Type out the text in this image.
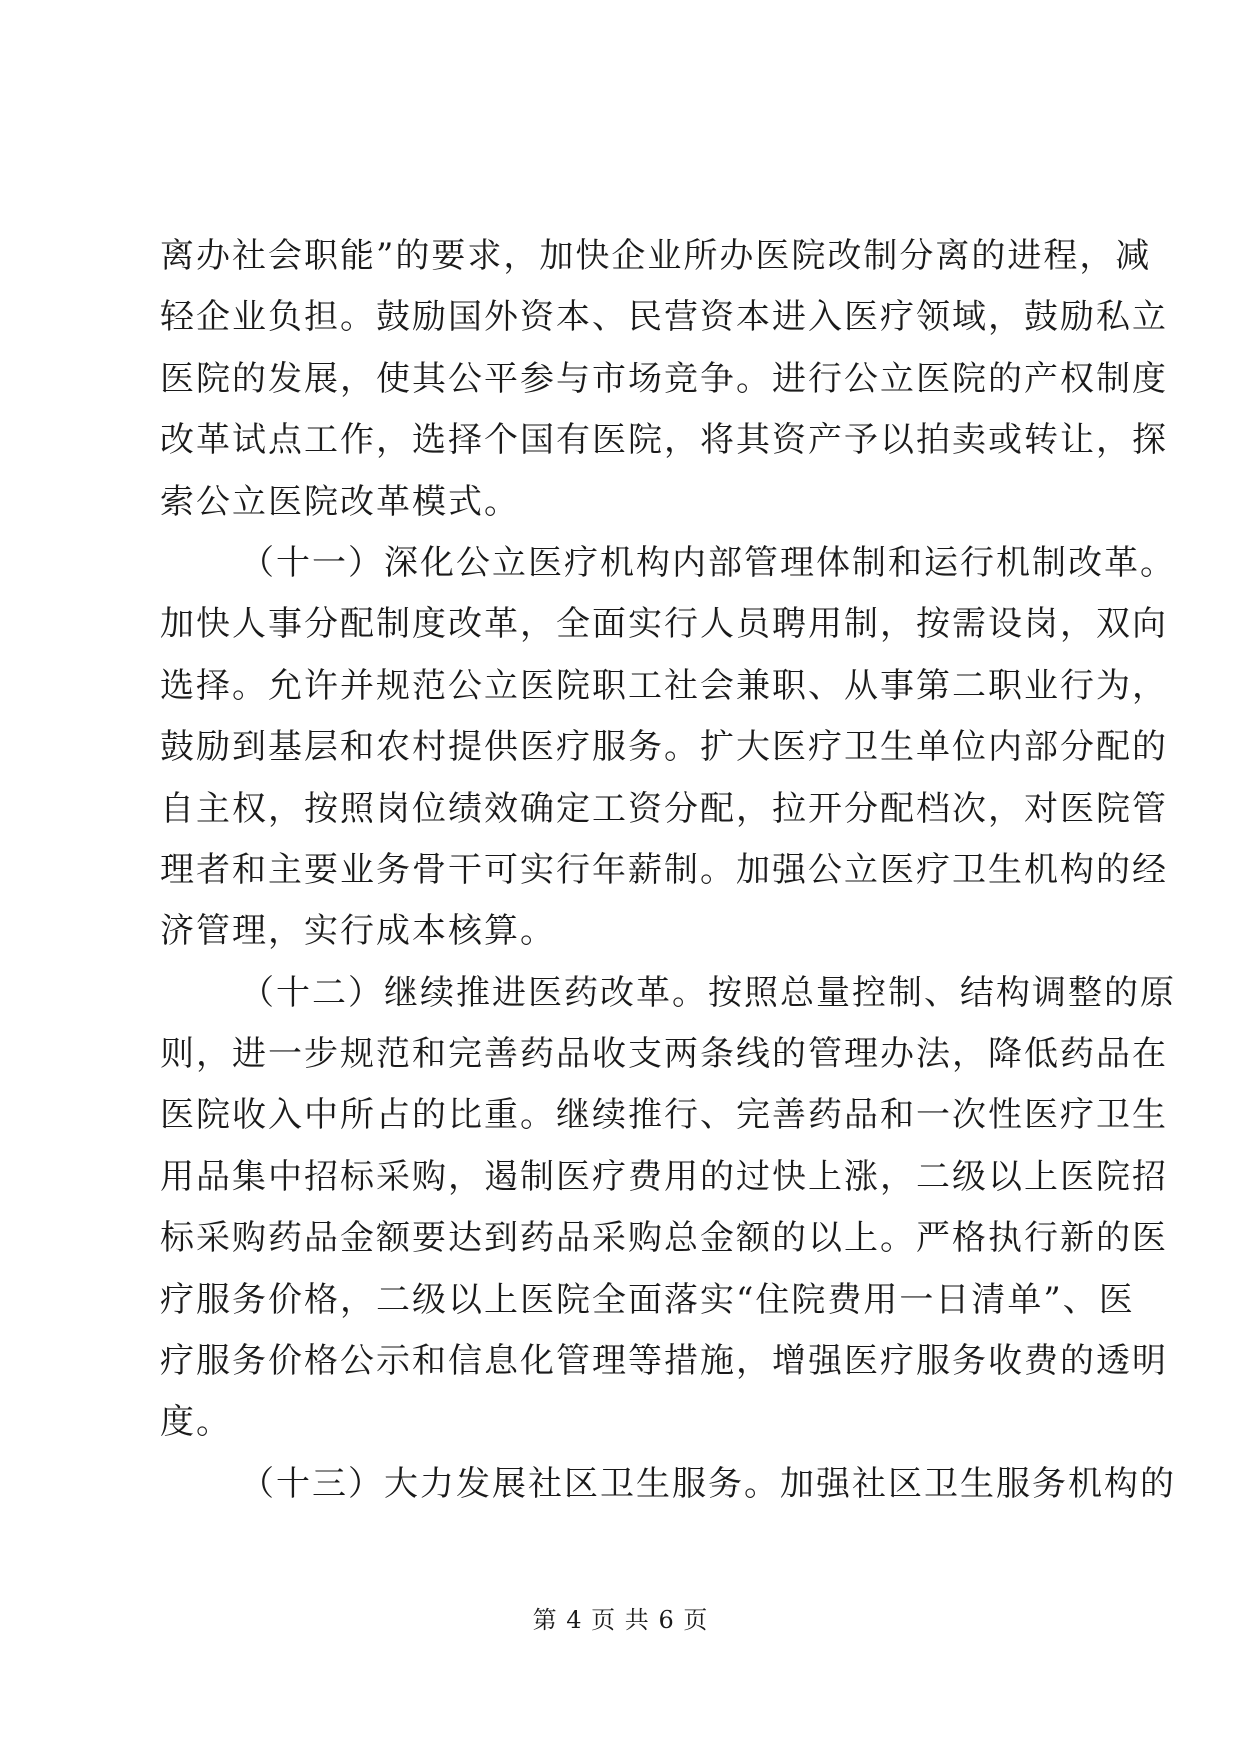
离办社会职能”的要求，加快企业所办医院改制分离的进程，减
轻企业负担。鼓励国外资本、民营资本进入医疗领域，鼓励私立
医院的发展，使其公平参与市场竞争。进行公立医院的产权制度
改革试点工作，选择个国有医院，将其资产予以拍卖或转让，探
索公立医院改革模式。
（十一）深化公立医疗机构内部管理体制和运行机制改革。
加快人事分配制度改革，全面实行人员聘用制，按需设岗，双向
选择。允许并规范公立医院职工社会兼职、从事第二职业行为，
鼓励到基层和农村提供医疗服务。扩大医疗卫生单位内部分配的
自主权，按照岗位绩效确定工资分配，拉开分配档次，对医院管
理者和主要业务骨干可实行年薪制。加强公立医疗卫生机构的经
济管理，实行成本核算。
（十二）继续推进医药改革。按照总量控制、结构调整的原
则，进一步规范和完善药品收支两条线的管理办法，降低药品在
医院收入中所占的比重。继续推行、完善药品和一次性医疗卫生
用品集中招标采购，遏制医疗费用的过快上涨，二级以上医院招
标采购药品金额要达到药品采购总金额的以上。严格执行新的医
疗服务价格，二级以上医院全面落实“住院费用一日清单”、医
疗服务价格公示和信息化管理等措施，增强医疗服务收费的透明
度。
（十三）大力发展社区卫生服务。加强社区卫生服务机构的
第 4 页 共 6 页
